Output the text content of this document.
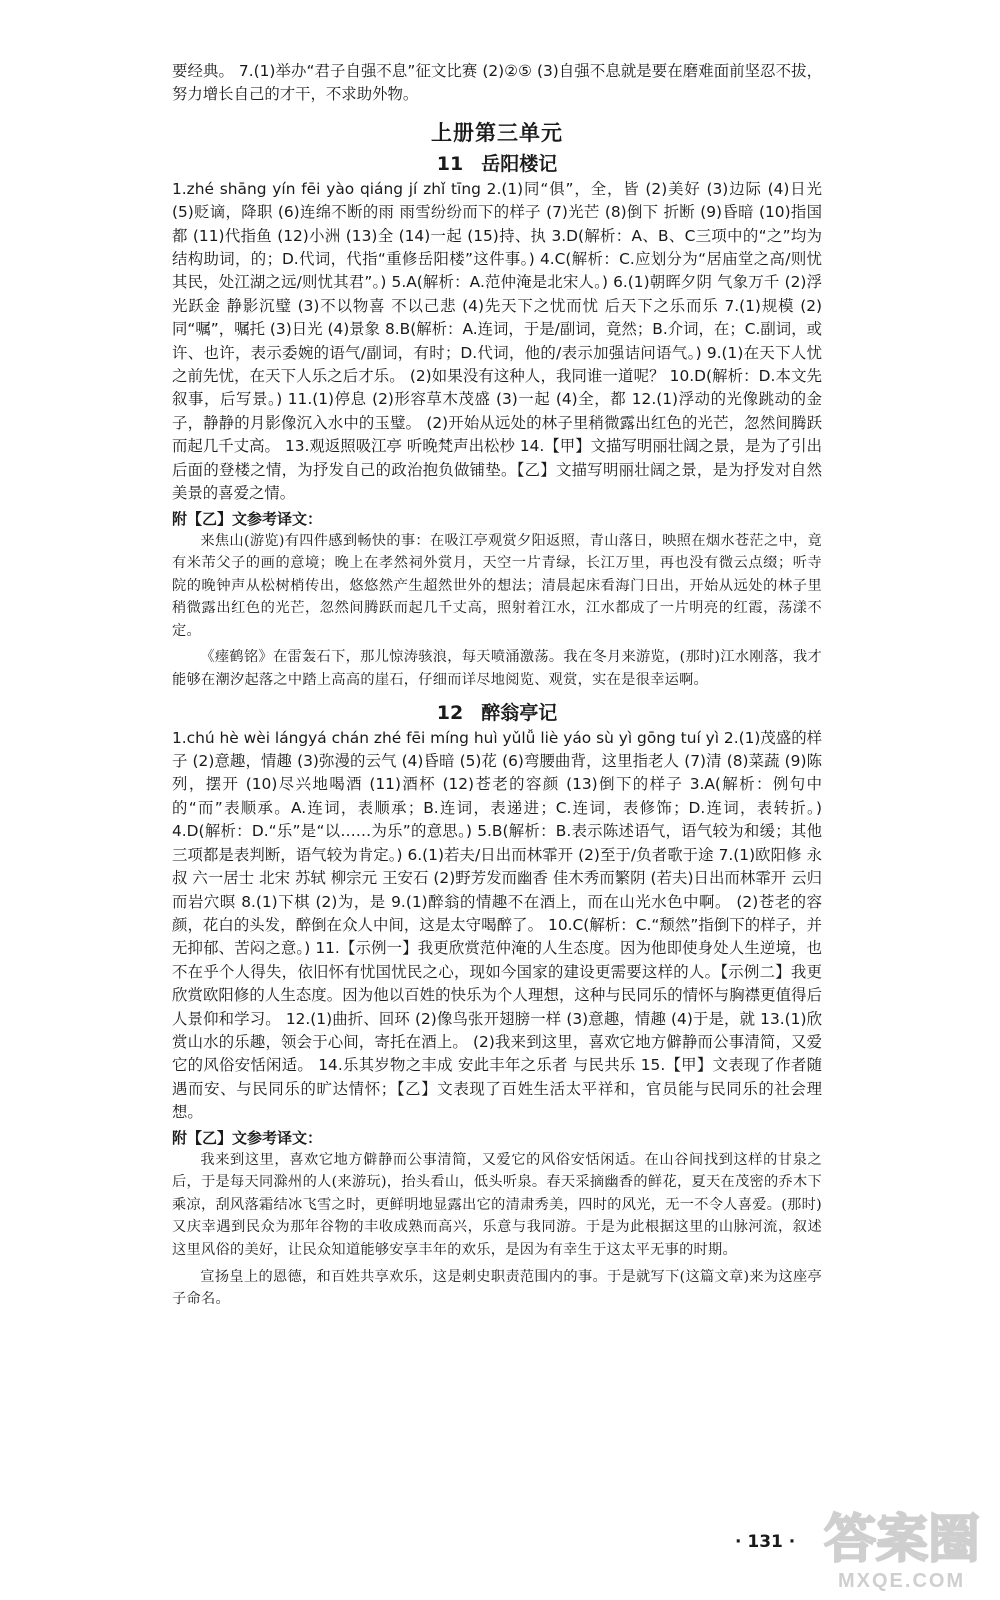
要经典。 7.(1)举办“君子自强不息”征文比赛 (2)②⑤ (3)自强不息就是要在磨难面前坚忍不拔，努力增长自己的才干，不求助外物。

上册第三单元
11 岳阳楼记

1.zhé shāng yín fēi yào qiáng jí zhǐ tīng 2.(1)同“俱”，全，皆 (2)美好 (3)边际 (4)日光 (5)贬谪，降职 (6)连绵不断的雨 雨雪纷纷而下的样子 (7)光芒 (8)倒下 折断 (9)昏暗 (10)指国都 (11)代指鱼 (12)小洲 (13)全 (14)一起 (15)持、执 3.D(解析：A、B、C三项中的“之”均为结构助词，的；D.代词，代指“重修岳阳楼”这件事。) 4.C(解析：C.应划分为“居庙堂之高/则忧其民，处江湖之远/则忧其君”。) 5.A(解析：A.范仲淹是北宋人。) 6.(1)朝晖夕阴 气象万千 (2)浮光跃金 静影沉璧 (3)不以物喜 不以己悲 (4)先天下之忧而忧 后天下之乐而乐 7.(1)规模 (2)同“嘱”，嘱托 (3)日光 (4)景象 8.B(解析：A.连词，于是/副词，竟然；B.介词，在；C.副词，或许、也许，表示委婉的语气/副词，有时；D.代词，他的/表示加强诘问语气。) 9.(1)在天下人忧之前先忧，在天下人乐之后才乐。 (2)如果没有这种人，我同谁一道呢？ 10.D(解析：D.本文先叙事，后写景。) 11.(1)停息 (2)形容草木茂盛 (3)一起 (4)全，都 12.(1)浮动的光像跳动的金子，静静的月影像沉入水中的玉璧。 (2)开始从远处的林子里稍微露出红色的光芒，忽然间腾跃而起几千丈高。 13.观返照吸江亭 听晚梵声出松杪 14.【甲】文描写明丽壮阔之景，是为了引出后面的登楼之情，为抒发自己的政治抱负做铺垫。【乙】文描写明丽壮阔之景，是为抒发对自然美景的喜爱之情。

附【乙】文参考译文：

来焦山(游览)有四件感到畅快的事：在吸江亭观赏夕阳返照，青山落日，映照在烟水苍茫之中，竟有米芾父子的画的意境；晚上在孝然祠外赏月，天空一片青绿，长江万里，再也没有微云点缀；听寺院的晚钟声从松树梢传出，悠悠然产生超然世外的想法；清晨起床看海门日出，开始从远处的林子里稍微露出红色的光芒，忽然间腾跃而起几千丈高，照射着江水，江水都成了一片明亮的红霞，荡漾不定。

《瘗鹤铭》在雷轰石下，那儿惊涛骇浪，每天喷涌激荡。我在冬月来游览，(那时)江水刚落，我才能够在潮汐起落之中踏上高高的崖石，仔细而详尽地阅览、观赏，实在是很幸运啊。

12 醉翁亭记

1.chú hè wèi lángyá chán zhé fēi míng huì yǔlǚ liè yáo sù yì gōng tuí yì 2.(1)茂盛的样子 (2)意趣，情趣 (3)弥漫的云气 (4)昏暗 (5)花 (6)弯腰曲背，这里指老人 (7)清 (8)菜蔬 (9)陈列，摆开 (10)尽兴地喝酒 (11)酒杯 (12)苍老的容颜 (13)倒下的样子 3.A(解析：例句中的“而”表顺承。A.连词，表顺承；B.连词，表递进；C.连词，表修饰；D.连词，表转折。) 4.D(解析：D.“乐”是“以……为乐”的意思。) 5.B(解析：B.表示陈述语气，语气较为和缓；其他三项都是表判断，语气较为肯定。) 6.(1)若夫/日出而林霏开 (2)至于/负者歌于途 7.(1)欧阳修 永叔 六一居士 北宋 苏轼 柳宗元 王安石 (2)野芳发而幽香 佳木秀而繁阴 (若夫)日出而林霏开 云归而岩穴暝 8.(1)下棋 (2)为，是 9.(1)醉翁的情趣不在酒上，而在山光水色中啊。 (2)苍老的容颜，花白的头发，醉倒在众人中间，这是太守喝醉了。 10.C(解析：C.“颓然”指倒下的样子，并无抑郁、苦闷之意。) 11.【示例一】我更欣赏范仲淹的人生态度。因为他即使身处人生逆境，也不在乎个人得失，依旧怀有忧国忧民之心，现如今国家的建设更需要这样的人。【示例二】我更欣赏欧阳修的人生态度。因为他以百姓的快乐为个人理想，这种与民同乐的情怀与胸襟更值得后人景仰和学习。 12.(1)曲折、回环 (2)像鸟张开翅膀一样 (3)意趣，情趣 (4)于是，就 13.(1)欣赏山水的乐趣，领会于心间，寄托在酒上。 (2)我来到这里，喜欢它地方僻静而公事清简，又爱它的风俗安恬闲适。 14.乐其岁物之丰成 安此丰年之乐者 与民共乐 15.【甲】文表现了作者随遇而安、与民同乐的旷达情怀；【乙】文表现了百姓生活太平祥和，官员能与民同乐的社会理想。

附【乙】文参考译文：

我来到这里，喜欢它地方僻静而公事清简，又爱它的风俗安恬闲适。在山谷间找到这样的甘泉之后，于是每天同滁州的人(来游玩)，抬头看山，低头听泉。春天采摘幽香的鲜花，夏天在茂密的乔木下乘凉，刮风落霜结冰飞雪之时，更鲜明地显露出它的清肃秀美，四时的风光，无一不令人喜爱。(那时)又庆幸遇到民众为那年谷物的丰收成熟而高兴，乐意与我同游。于是为此根据这里的山脉河流，叙述这里风俗的美好，让民众知道能够安享丰年的欢乐，是因为有幸生于这太平无事的时期。

宣扬皇上的恩德，和百姓共享欢乐，这是刺史职责范围内的事。于是就写下(这篇文章)来为这座亭子命名。

· 131 · 答案圈
MXQE.COM
